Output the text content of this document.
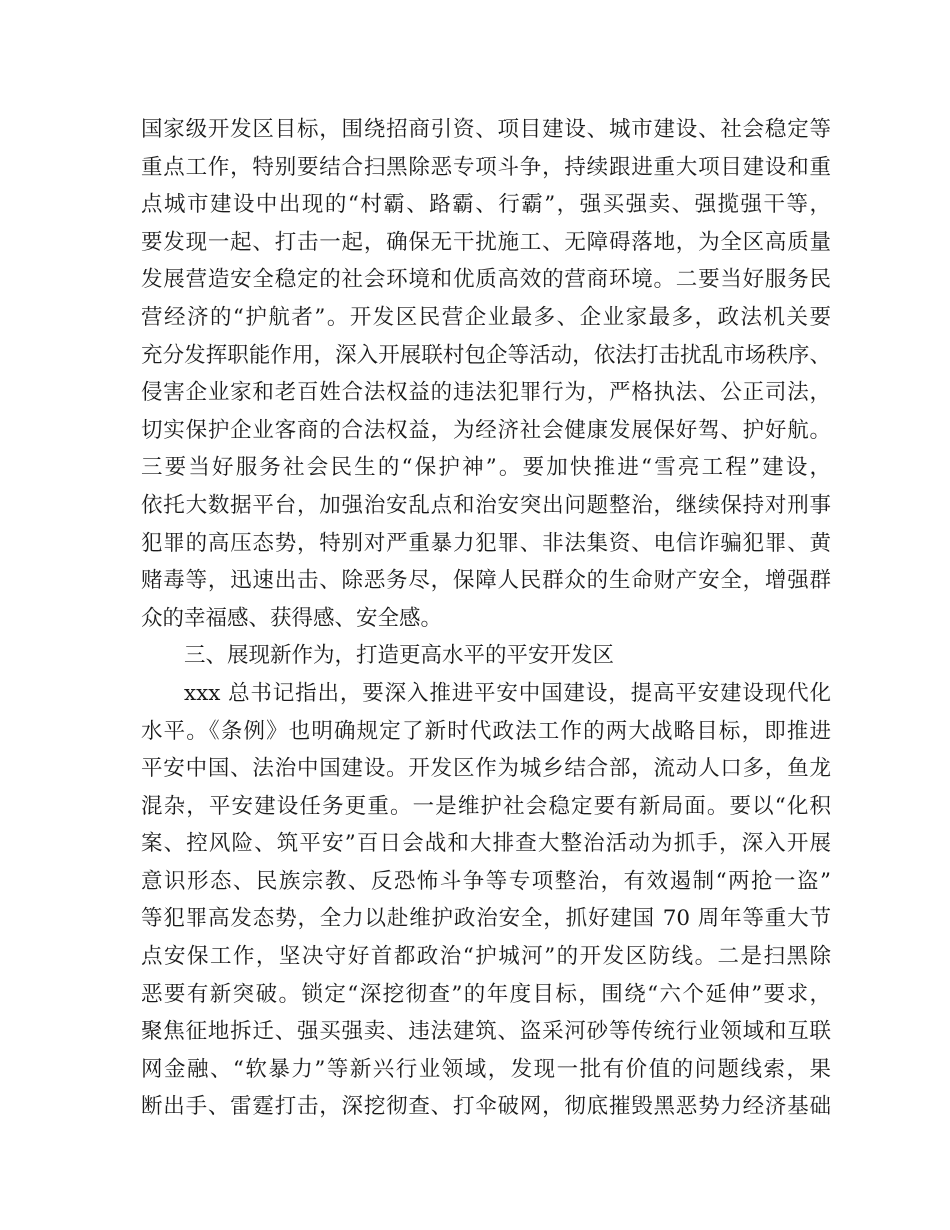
国家级开发区目标，围绕招商引资、项目建设、城市建设、社会稳定等
重点工作，特别要结合扫黑除恶专项斗争，持续跟进重大项目建设和重
点城市建设中出现的“村霸、路霸、行霸”，强买强卖、强揽强干等，
要发现一起、打击一起，确保无干扰施工、无障碍落地，为全区高质量
发展营造安全稳定的社会环境和优质高效的营商环境。二要当好服务民
营经济的“护航者”。开发区民营企业最多、企业家最多，政法机关要
充分发挥职能作用，深入开展联村包企等活动，依法打击扰乱市场秩序、
侵害企业家和老百姓合法权益的违法犯罪行为，严格执法、公正司法，
切实保护企业客商的合法权益，为经济社会健康发展保好驾、护好航。
三要当好服务社会民生的“保护神”。要加快推进“雪亮工程”建设，
依托大数据平台，加强治安乱点和治安突出问题整治，继续保持对刑事
犯罪的高压态势，特别对严重暴力犯罪、非法集资、电信诈骗犯罪、黄
赌毒等，迅速出击、除恶务尽，保障人民群众的生命财产安全，增强群
众的幸福感、获得感、安全感。
三、展现新作为，打造更高水平的平安开发区
xxx 总书记指出，要深入推进平安中国建设，提高平安建设现代化
水平。《条例》也明确规定了新时代政法工作的两大战略目标，即推进
平安中国、法治中国建设。开发区作为城乡结合部，流动人口多，鱼龙
混杂，平安建设任务更重。一是维护社会稳定要有新局面。要以“化积
案、控风险、筑平安”百日会战和大排查大整治活动为抓手，深入开展
意识形态、民族宗教、反恐怖斗争等专项整治，有效遏制“两抢一盗”
等犯罪高发态势，全力以赴维护政治安全，抓好建国 70 周年等重大节
点安保工作，坚决守好首都政治“护城河”的开发区防线。二是扫黑除
恶要有新突破。锁定“深挖彻查”的年度目标，围绕“六个延伸”要求，
聚焦征地拆迁、强买强卖、违法建筑、盗采河砂等传统行业领域和互联
网金融、“软暴力”等新兴行业领域，发现一批有价值的问题线索，果
断出手、雷霆打击，深挖彻查、打伞破网，彻底摧毁黑恶势力经济基础
